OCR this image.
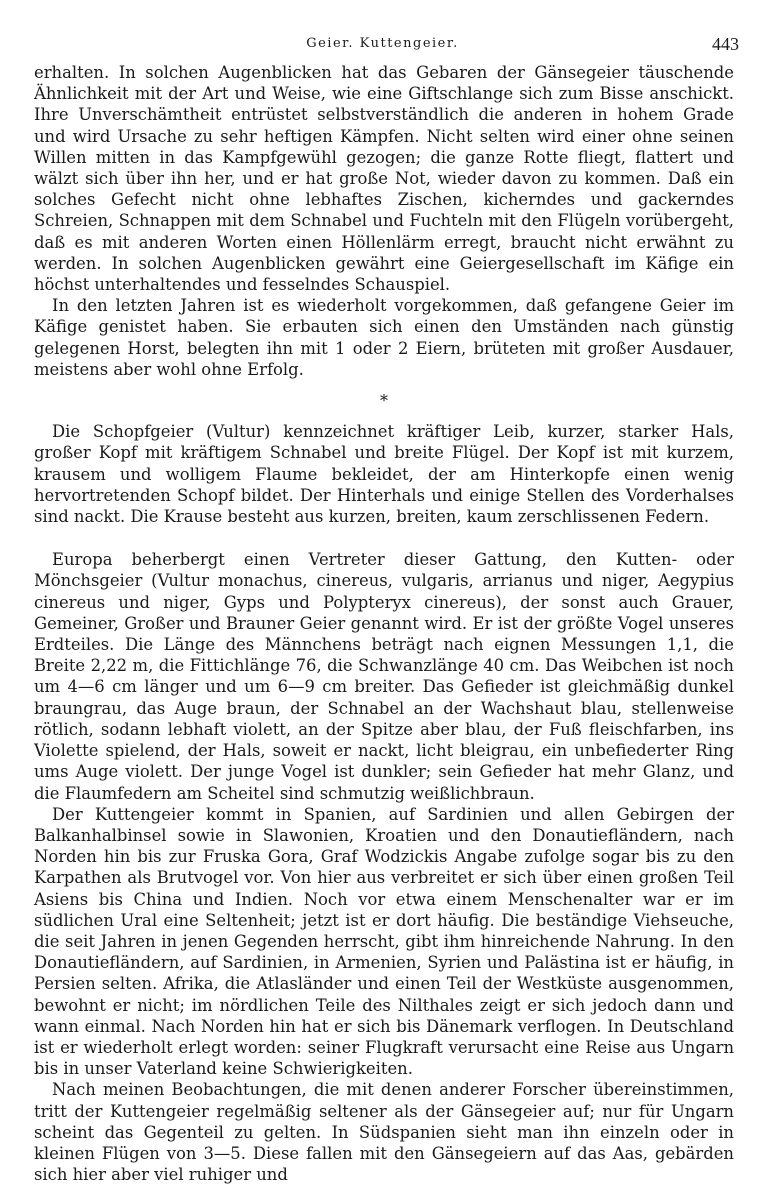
Geier. Kuttengeier.	443

erhalten. In solchen Augenblicken hat das Gebaren der Gänsegeier täuschende Ähnlichkeit mit der Art und Weise, wie eine Giftschlange sich zum Bisse anschickt. Ihre Unverschämtheit entrüstet selbstverständlich die anderen in hohem Grade und wird Ursache zu sehr heftigen Kämpfen. Nicht selten wird einer ohne seinen Willen mitten in das Kampfgewühl gezogen; die ganze Rotte fliegt, flattert und wälzt sich über ihn her, und er hat große Not, wieder davon zu kommen. Daß ein solches Gefecht nicht ohne lebhaftes Zischen, kicherndes und gackerndes Schreien, Schnappen mit dem Schnabel und Fuchteln mit den Flügeln vorübergeht, daß es mit anderen Worten einen Höllenlärm erregt, braucht nicht erwähnt zu werden. In solchen Augenblicken gewährt eine Geiergesellschaft im Käfige ein höchst unterhaltendes und fesselndes Schauspiel.

In den letzten Jahren ist es wiederholt vorgekommen, daß gefangene Geier im Käfige genistet haben. Sie erbauten sich einen den Umständen nach günstig gelegenen Horst, belegten ihn mit 1 oder 2 Eiern, brüteten mit großer Ausdauer, meistens aber wohl ohne Erfolg.

*

Die Schopfgeier (Vultur) kennzeichnet kräftiger Leib, kurzer, starker Hals, großer Kopf mit kräftigem Schnabel und breite Flügel. Der Kopf ist mit kurzem, krausem und wolligem Flaume bekleidet, der am Hinterkopfe einen wenig hervortretenden Schopf bildet. Der Hinterhals und einige Stellen des Vorderhalses sind nackt. Die Krause besteht aus kurzen, breiten, kaum zerschlissenen Federn.

Europa beherbergt einen Vertreter dieser Gattung, den Kutten- oder Mönchsgeier (Vultur monachus, cinereus, vulgaris, arrianus und niger, Aegypius cinereus und niger, Gyps und Polypteryx cinereus), der sonst auch Grauer, Gemeiner, Großer und Brauner Geier genannt wird. Er ist der größte Vogel unseres Erdteiles. Die Länge des Männchens beträgt nach eignen Messungen 1,1, die Breite 2,22 m, die Fittichlänge 76, die Schwanzlänge 40 cm. Das Weibchen ist noch um 4—6 cm länger und um 6—9 cm breiter. Das Gefieder ist gleichmäßig dunkel braungrau, das Auge braun, der Schnabel an der Wachshaut blau, stellenweise rötlich, sodann lebhaft violett, an der Spitze aber blau, der Fuß fleischfarben, ins Violette spielend, der Hals, soweit er nackt, licht bleigrau, ein unbefiederter Ring ums Auge violett. Der junge Vogel ist dunkler; sein Gefieder hat mehr Glanz, und die Flaumfedern am Scheitel sind schmutzig weißlichbraun.

Der Kuttengeier kommt in Spanien, auf Sardinien und allen Gebirgen der Balkanhalbinsel sowie in Slawonien, Kroatien und den Donautiefländern, nach Norden hin bis zur Fruska Gora, Graf Wodzickis Angabe zufolge sogar bis zu den Karpathen als Brutvogel vor. Von hier aus verbreitet er sich über einen großen Teil Asiens bis China und Indien. Noch vor etwa einem Menschenalter war er im südlichen Ural eine Seltenheit; jetzt ist er dort häufig. Die beständige Viehseuche, die seit Jahren in jenen Gegenden herrscht, gibt ihm hinreichende Nahrung. In den Donautiefländern, auf Sardinien, in Armenien, Syrien und Palästina ist er häufig, in Persien selten. Afrika, die Atlasländer und einen Teil der Westküste ausgenommen, bewohnt er nicht; im nördlichen Teile des Nilthales zeigt er sich jedoch dann und wann einmal. Nach Norden hin hat er sich bis Dänemark verflogen. In Deutschland ist er wiederholt erlegt worden: seiner Flugkraft verursacht eine Reise aus Ungarn bis in unser Vaterland keine Schwierigkeiten.

Nach meinen Beobachtungen, die mit denen anderer Forscher übereinstimmen, tritt der Kuttengeier regelmäßig seltener als der Gänsegeier auf; nur für Ungarn scheint das Gegenteil zu gelten. In Südspanien sieht man ihn einzeln oder in kleinen Flügen von 3—5. Diese fallen mit den Gänsegeiern auf das Aas, gebärden sich hier aber viel ruhiger und
